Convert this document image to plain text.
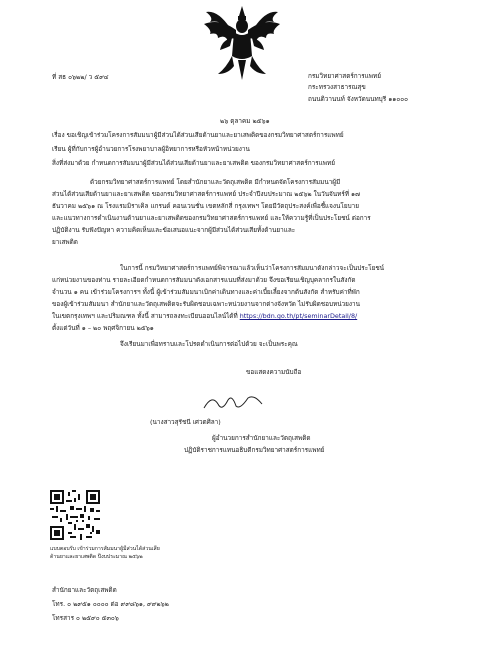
ที่ สธ ๐๖๒๒/ ว ๕๙๔	กรมวิทยาศาสตร์การแพทย์
กระทรวงสาธารณสุข
ถนนติวานนท์ จังหวัดนนทบุรี ๑๑๐๐๐
๒๖ ตุลาคม ๒๕๖๑
เรื่อง ขอเชิญเข้าร่วมโครงการสัมมนาผู้มีส่วนได้ส่วนเสียด้านยาและยาเสพติดของกรมวิทยาศาสตร์การแพทย์
เรียน ผู้ที่กับการผู้อำนวยการโรงพยาบาลผู้อิทยาการหรือหัวหน้าหน่วยงาน
สิ่งที่ส่งมาด้วย กำหนดการสัมมนาผู้มีส่วนได้ส่วนเสียด้านยาและยาเสพติด ของกรมวิทยาศาสตร์การแพทย์
ด้วยกรมวิทยาศาสตร์การแพทย์ โดยสำนักยาและวัตถุเสพติด มีกำหนดจัดโครงการสัมมนาผู้มี
ส่วนได้ส่วนเสียด้านยาและยาเสพติด ของกรมวิทยาศาสตร์การแพทย์ ประจำปีงบประมาณ ๒๕๖๒ ในวันจันทร์ที่ ๑๗
ธันวาคม ๒๕๖๑ ณ โรงแรมมิราเคิล แกรนด์ คอนเวนชั่น เขตหลักสี่ กรุงเทพฯ โดยมีวัตถุประสงค์เพื่อชี้แจงนโยบาย
และแนวทางการดำเนินงานด้านยาและยาเสพติดของกรมวิทยาศาสตร์การแพทย์ และให้ความรู้ที่เป็นประโยชน์ ต่อการ
ปฏิบัติงาน รับฟังปัญหา ความคิดเห็นและข้อเสนอแนะจากผู้มีส่วนได้ส่วนเสียทั้งด้านยาและ
ยาเสพติด
ในการนี้ กรมวิทยาศาสตร์การแพทย์พิจารณาแล้วเห็นว่าโครงการสัมมนาดังกล่าวจะเป็นประโยชน์
แก่หน่วยงานของท่าน รายละเอียดกำหนดการสัมมนาดังเอกสารแนบที่ส่งมาด้วย จึงขอเรียนเชิญบุคลากรในสังกัด
จำนวน ๑ คน เข้าร่วมโครงการฯ ทั้งนี้ ผู้เข้าร่วมสัมมนาเบิกค่าเดินทางและค่าเบี้ยเลี้ยงจากต้นสังกัด สำหรับค่าที่พัก
ของผู้เข้าร่วมสัมมนา สำนักยาและวัตถุเสพติดจะรับผิดชอบเฉพาะหน่วยงานจากต่างจังหวัด ไม่รับผิดชอบหน่วยงาน
ในเขตกรุงเทพฯ และปริมณฑล ทั้งนี้ สามารถลงทะเบียนออนไลน์ได้ที่ https://bdn.go.th/pt/seminarDetail/8/
ตั้งแต่วันที่ ๑ – ๒๐ พฤศจิกายน ๒๕๖๑
จึงเรียนมาเพื่อทราบและโปรดดำเนินการต่อไปด้วย จะเป็นพระคุณ
ขอแสดงความนับถือ
(นางสาวสุรัชนี เศวตศิลา)
ผู้อำนวยการสำนักยาและวัตถุเสพติด
ปฏิบัติราชการแทนอธิบดีกรมวิทยาศาสตร์การแพทย์
แบบตอบรับ เข้าร่วมการสัมมนาผู้มีส่วนได้ส่วนเสีย
ด้านยาและยาเสพติด ปีงบประมาณ ๒๕๖๒
สำนักยาและวัตถุเสพติด
โทร. ๐ ๒๙๕๑ ๐๐๐๐ ต่อ ๙๙๘๖๑, ๙๙๒๖๒
โทรสาร ๐ ๒๕๙๐ ๕๓๐๖
